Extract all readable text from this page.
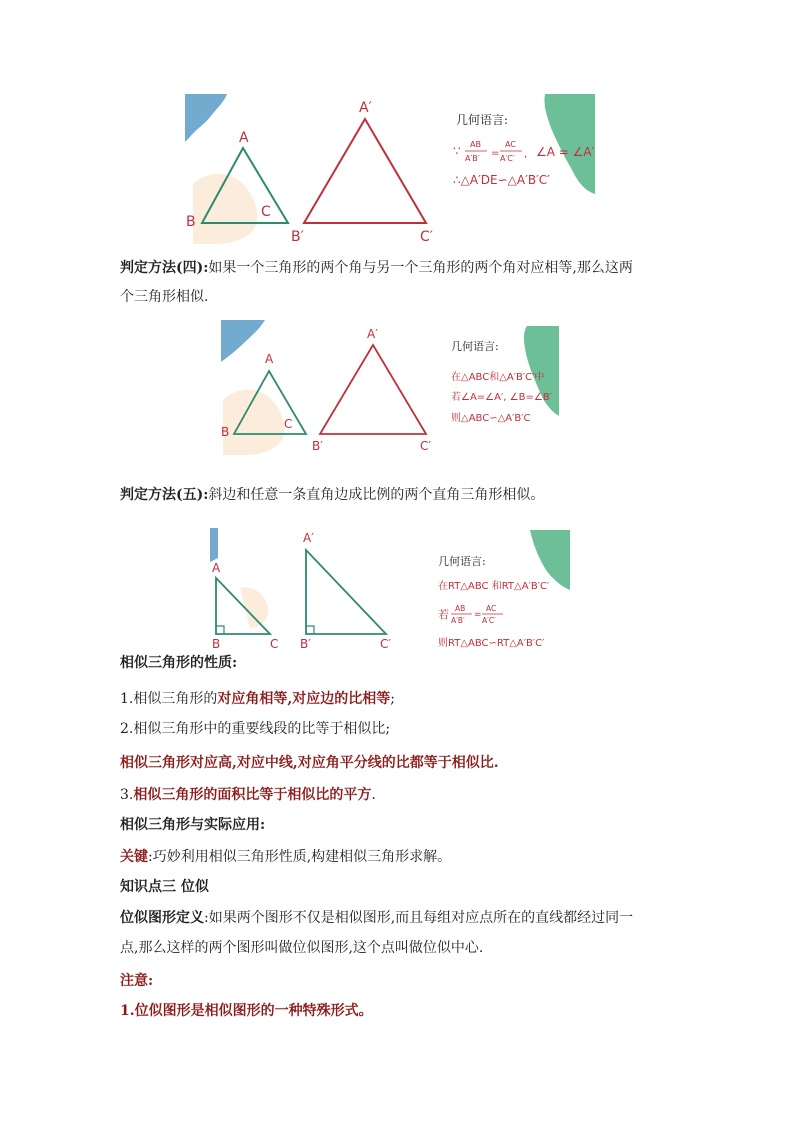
A
B
C
A′
B′	C′
几何语言:
∵ AB
A′B′ =
AC
A′C′ , ∠A = ∠A′
∴△A′DE∽△A′B′C′
判定方法(四):如果一个三角形的两个角与另一个三角形的两个角对应相等,那么这两
个三角形相似.
A
B
C
A′
B′	C′
几何语言:
在△ABC和△A′B′C′中
若∠A=∠A′, ∠B=∠B′
则△ABC∽△A′B′C
判定方法(五):斜边和任意一条直角边成比例的两个直角三角形相似。
A
B	C
A′
B′	C′
几何语言:
在RT△ABC 和RT△A′B′C′
若 AB
A′B′
=
AC
A′C′
则RT△ABC∽RT△A′B′C′
相似三角形的性质:
1.相似三角形的对应角相等,对应边的比相等;
2.相似三角形中的重要线段的比等于相似比;
相似三角形对应高,对应中线,对应角平分线的比都等于相似比.
3.相似三角形的面积比等于相似比的平方.
相似三角形与实际应用:
关键:巧妙利用相似三角形性质,构建相似三角形求解。
知识点三 位似
位似图形定义:如果两个图形不仅是相似图形,而且每组对应点所在的直线都经过同一
点,那么这样的两个图形叫做位似图形,这个点叫做位似中心.
注意:
1.位似图形是相似图形的一种特殊形式。
